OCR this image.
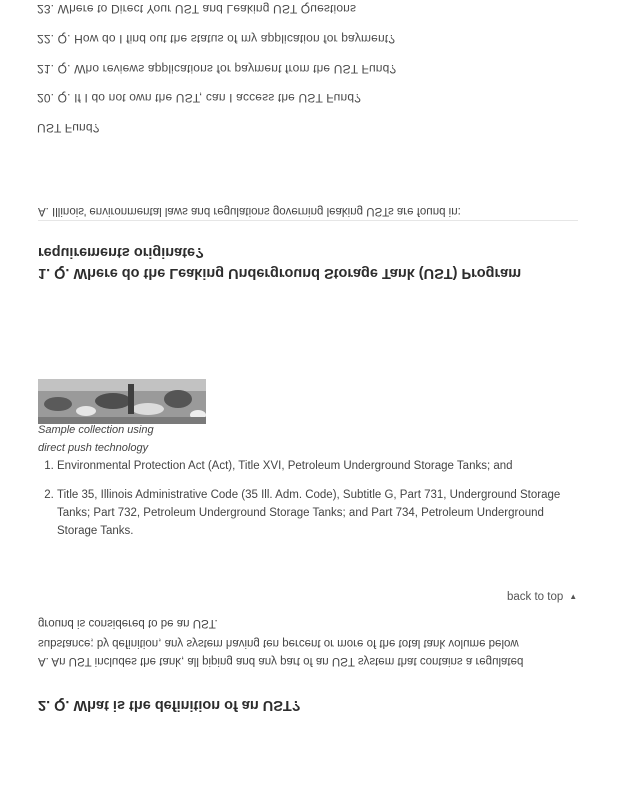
23. Where to Direct Your UST and Leaking UST Questions
22. Q. How do I find out the status of my application for payment?
21. Q. Who reviews applications for payment from the UST Fund?
20. Q. If I do not own the UST, can I access the UST Fund?
UST Fund?
A. Illinois' environmental laws and regulations governing leaking USTs are found in:
requirements originate?
1. Q. Where do the Leaking Underground Storage Tank (UST) Program
Sample collection using
direct push technology
1. Environmental Protection Act (Act), Title XVI, Petroleum Underground Storage Tanks; and
2. Title 35, Illinois Administrative Code (35 Ill. Adm. Code), Subtitle G, Part 731, Underground Storage Tanks; Part 732, Petroleum Underground Storage Tanks; and Part 734, Petroleum Underground Storage Tanks.
back to top ▲
ground is considered to be an UST.
substance; by definition, any system having ten percent or more of the total tank volume below
A. An UST includes the tank, all piping and any part of an UST system that contains a regulated
2. Q. What is the definition of an UST?
